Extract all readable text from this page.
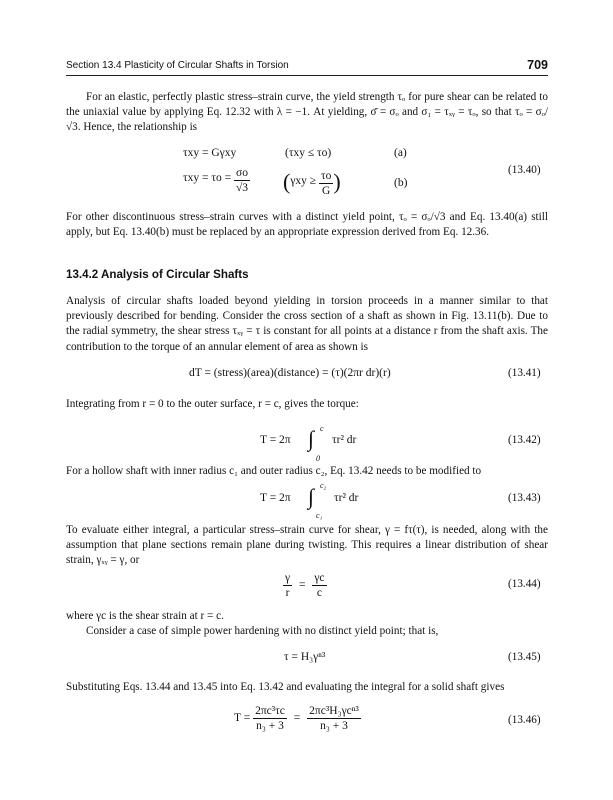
Section 13.4 Plasticity of Circular Shafts in Torsion	709
For an elastic, perfectly plastic stress–strain curve, the yield strength τₒ for pure shear can be related to the uniaxial value by applying Eq. 12.32 with λ = −1. At yielding, σ̄ = σₒ and σ₁ = τₓᵧ = τₒ, so that τₒ = σₒ/√3. Hence, the relationship is
τxy = Gγxy	(τxy ≤ τo)	(a)
$\tau xy = \tau o = \frac{\sigma o}{√3} (\gamma xy \ge \frac{\tau o}{G}$ )	(b)
(13.40)
For other discontinuous stress–strain curves with a distinct yield point, τₒ = σₒ/√3 and Eq. 13.40(a) still apply, but Eq. 13.40(b) must be replaced by an appropriate expression derived from Eq. 12.36.
13.4.2 Analysis of Circular Shafts
Analysis of circular shafts loaded beyond yielding in torsion proceeds in a manner similar to that previously described for bending. Consider the cross section of a shaft as shown in Fig. 13.11(b). Due to the radial symmetry, the shear stress τₓᵧ = τ is constant for all points at a distance r from the shaft axis. The contribution to the torque of an annular element of area as shown is
dT = (stress)(area)(distance) = (τ)(2πr dr)(r)	(13.41)
Integrating from r = 0 to the outer surface, r = c, gives the torque:
T = 2π ∫ c
0
τr² dr	(13.42)
For a hollow shaft with inner radius c₁ and outer radius c₂, Eq. 13.42 needs to be modified to
T = 2π ∫ c₂
c₁
τr² dr	(13.43)
To evaluate either integral, a particular stress–strain curve for shear, γ = fτ(τ), is needed, along with the assumption that plane sections remain plane during twisting. This requires a linear distribution of shear strain, γₓᵧ = γ, or
$\frac{\gamma}{r} = \frac{\gamma c}{c}$	(13.44)
where γc is the shear strain at r = c.
Consider a case of simple power hardening with no distinct yield point; that is,
τ = H₃γⁿ³	(13.45)
Substituting Eqs. 13.44 and 13.45 into Eq. 13.42 and evaluating the integral for a solid shaft gives
$T = \frac{\text{2πc³τc}}{\text{n₃ + 3}} = \frac{\text{2πc³H₃γcⁿ³}}{\text{n₃ + 3}}$	(13.46)
